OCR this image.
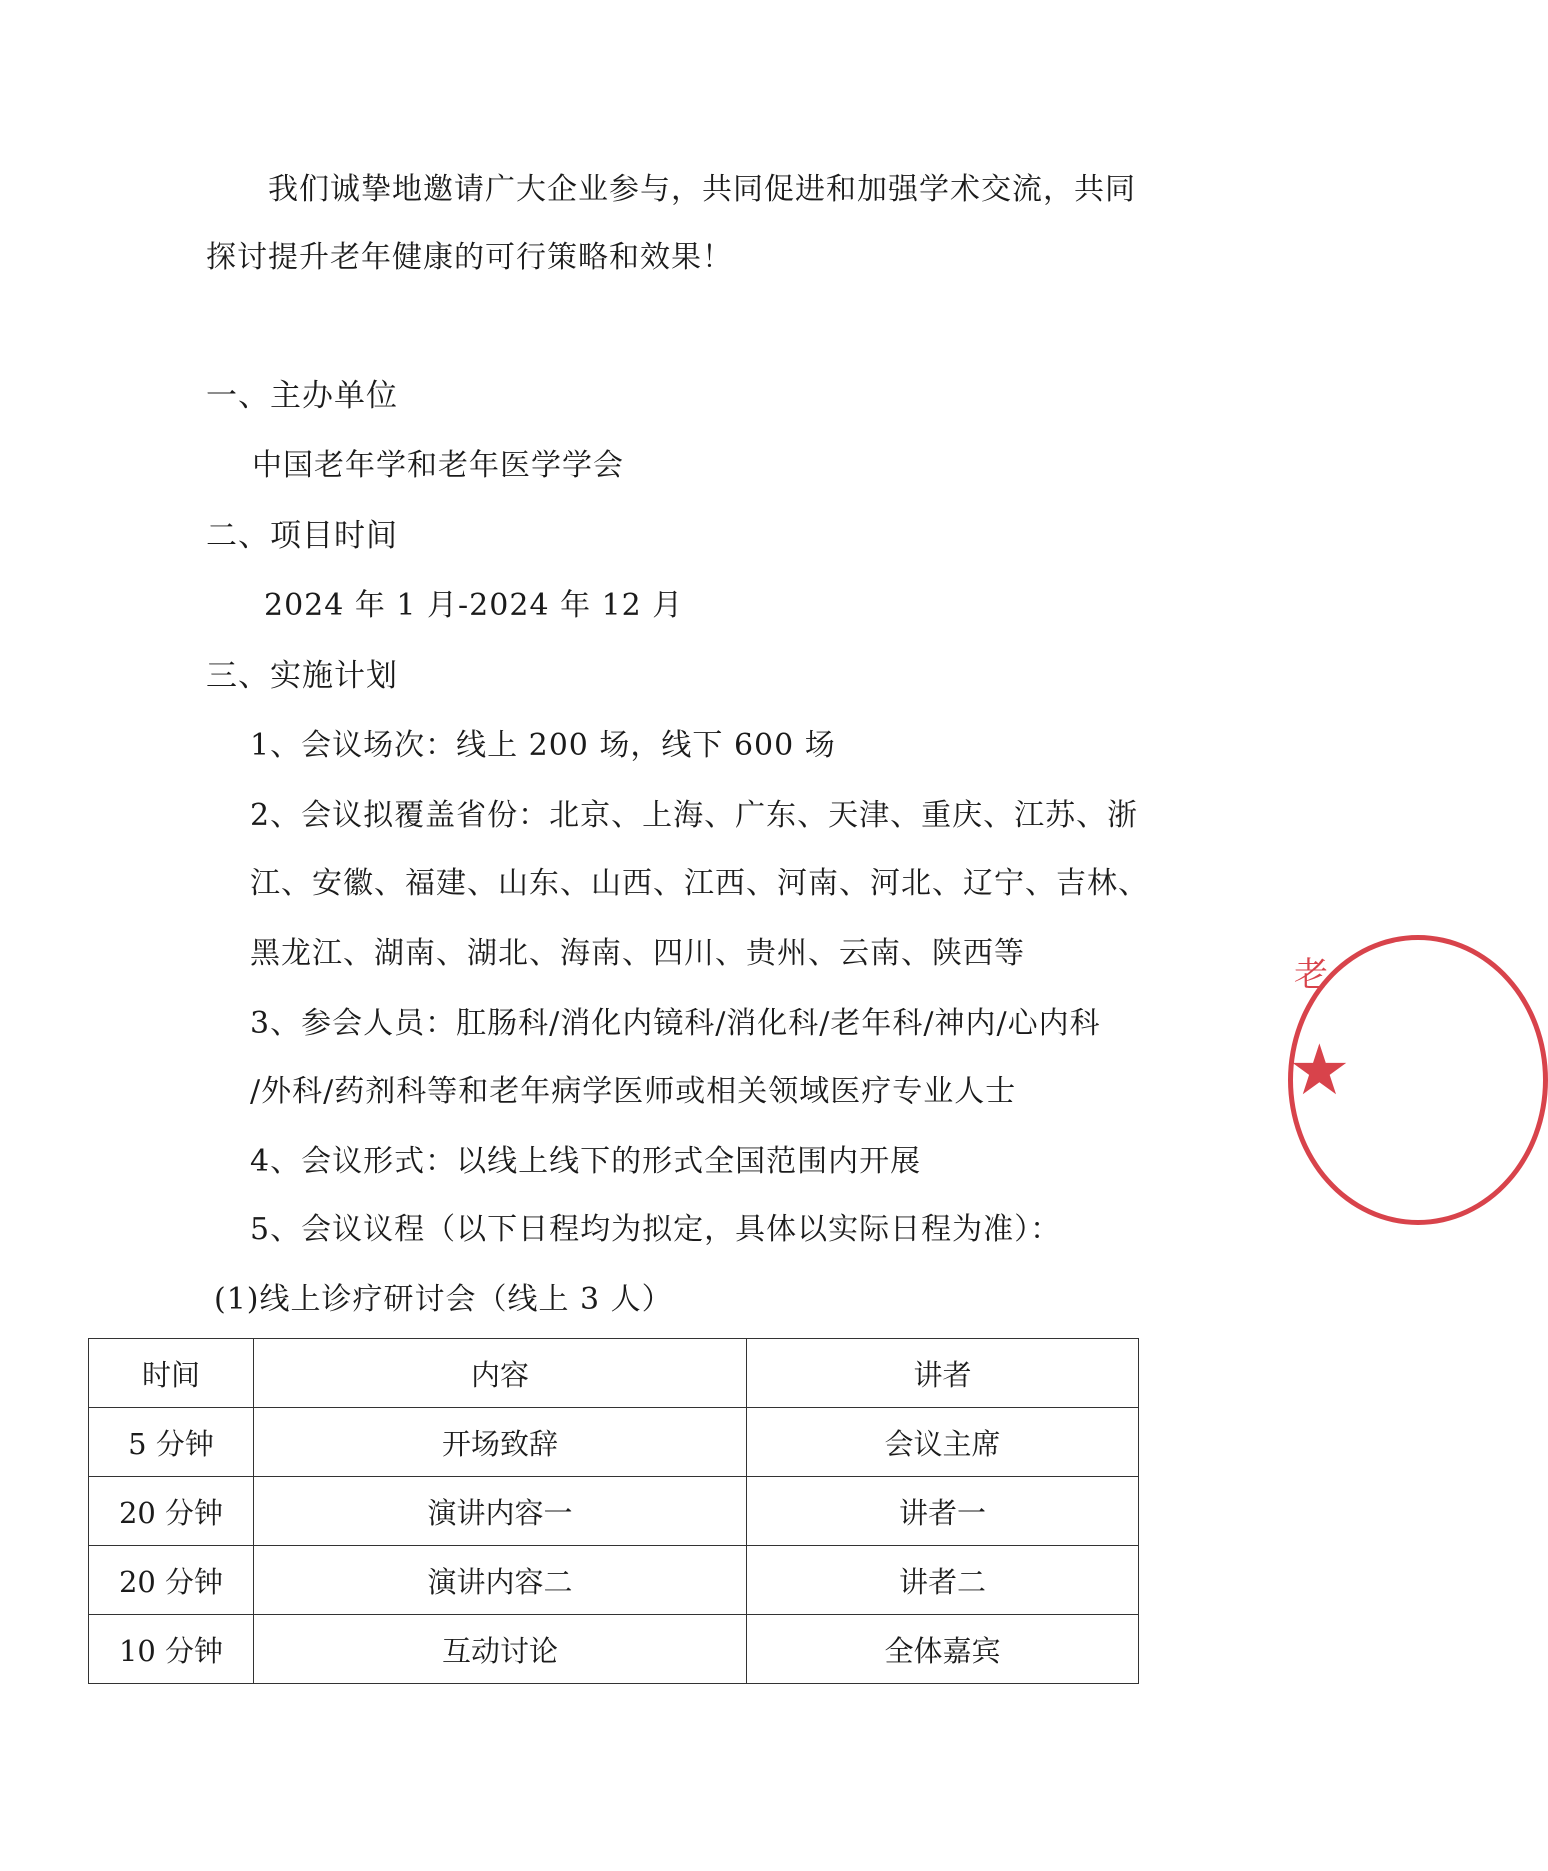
我们诚挚地邀请广大企业参与，共同促进和加强学术交流，共同
探讨提升老年健康的可行策略和效果！
一、主办单位
中国老年学和老年医学学会
二、项目时间
2024 年 1 月-2024 年 12 月
三、实施计划
1、会议场次：线上 200 场，线下 600 场
2、会议拟覆盖省份：北京、上海、广东、天津、重庆、江苏、浙
江、安徽、福建、山东、山西、江西、河南、河北、辽宁、吉林、
黑龙江、湖南、湖北、海南、四川、贵州、云南、陕西等
3、参会人员：肛肠科/消化内镜科/消化科/老年科/神内/心内科
/外科/药剂科等和老年病学医师或相关领域医疗专业人士
4、会议形式：以线上线下的形式全国范围内开展
5、会议议程（以下日程均为拟定，具体以实际日程为准）：
(1)线上诊疗研讨会（线上 3 人）
时间	内容	讲者
5 分钟	开场致辞	会议主席
20 分钟	演讲内容一	讲者一
20 分钟	演讲内容二	讲者二
10 分钟	互动讨论	全体嘉宾
老
★
